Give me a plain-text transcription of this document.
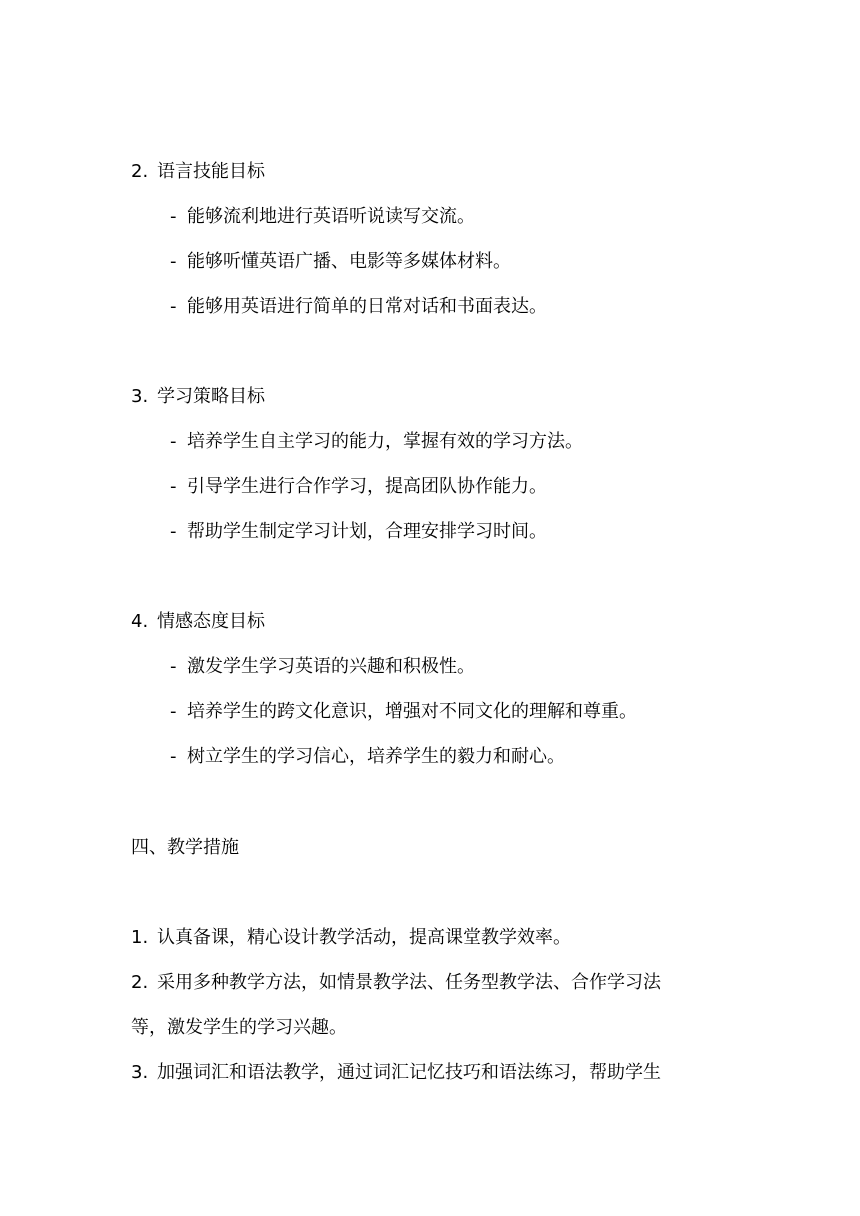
2. 语言技能目标
- 能够流利地进行英语听说读写交流。
- 能够听懂英语广播、电影等多媒体材料。
- 能够用英语进行简单的日常对话和书面表达。
3. 学习策略目标
- 培养学生自主学习的能力，掌握有效的学习方法。
- 引导学生进行合作学习，提高团队协作能力。
- 帮助学生制定学习计划，合理安排学习时间。
4. 情感态度目标
- 激发学生学习英语的兴趣和积极性。
- 培养学生的跨文化意识，增强对不同文化的理解和尊重。
- 树立学生的学习信心，培养学生的毅力和耐心。
四、教学措施
1. 认真备课，精心设计教学活动，提高课堂教学效率。
2. 采用多种教学方法，如情景教学法、任务型教学法、合作学习法
等，激发学生的学习兴趣。
3. 加强词汇和语法教学，通过词汇记忆技巧和语法练习，帮助学生
